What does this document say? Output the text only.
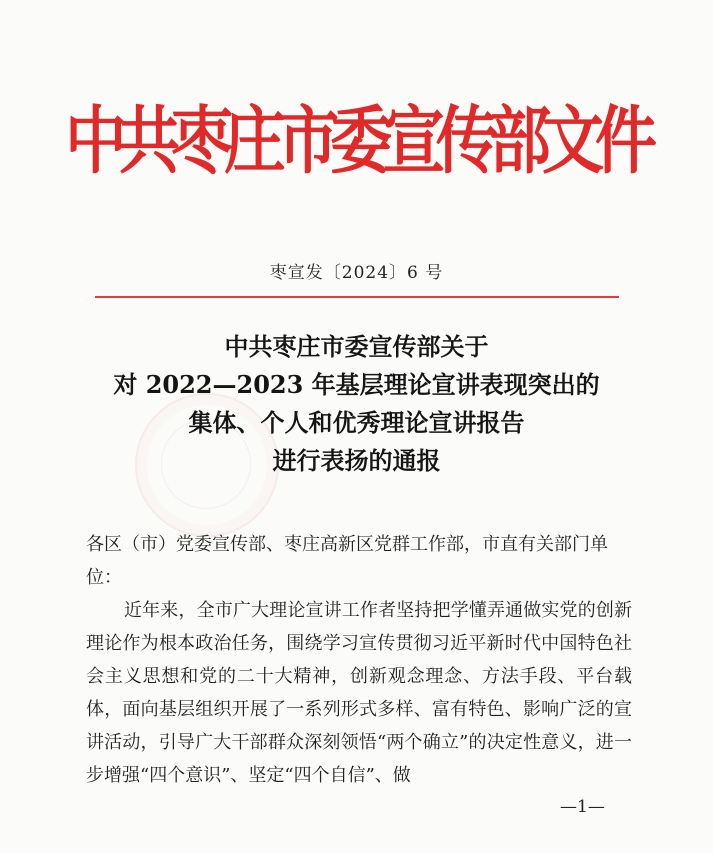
中共枣庄市委宣传部文件
枣宣发〔2024〕6 号
中共枣庄市委宣传部关于
对 2022—2023 年基层理论宣讲表现突出的
集体、个人和优秀理论宣讲报告
进行表扬的通报

各区（市）党委宣传部、枣庄高新区党群工作部，市直有关部门单位：

近年来，全市广大理论宣讲工作者坚持把学懂弄通做实党的创新理论作为根本政治任务，围绕学习宣传贯彻习近平新时代中国特色社会主义思想和党的二十大精神，创新观念理念、方法手段、平台载体，面向基层组织开展了一系列形式多样、富有特色、影响广泛的宣讲活动，引导广大干部群众深刻领悟“两个确立”的决定性意义，进一步增强“四个意识”、坚定“四个自信”、做

—1—
